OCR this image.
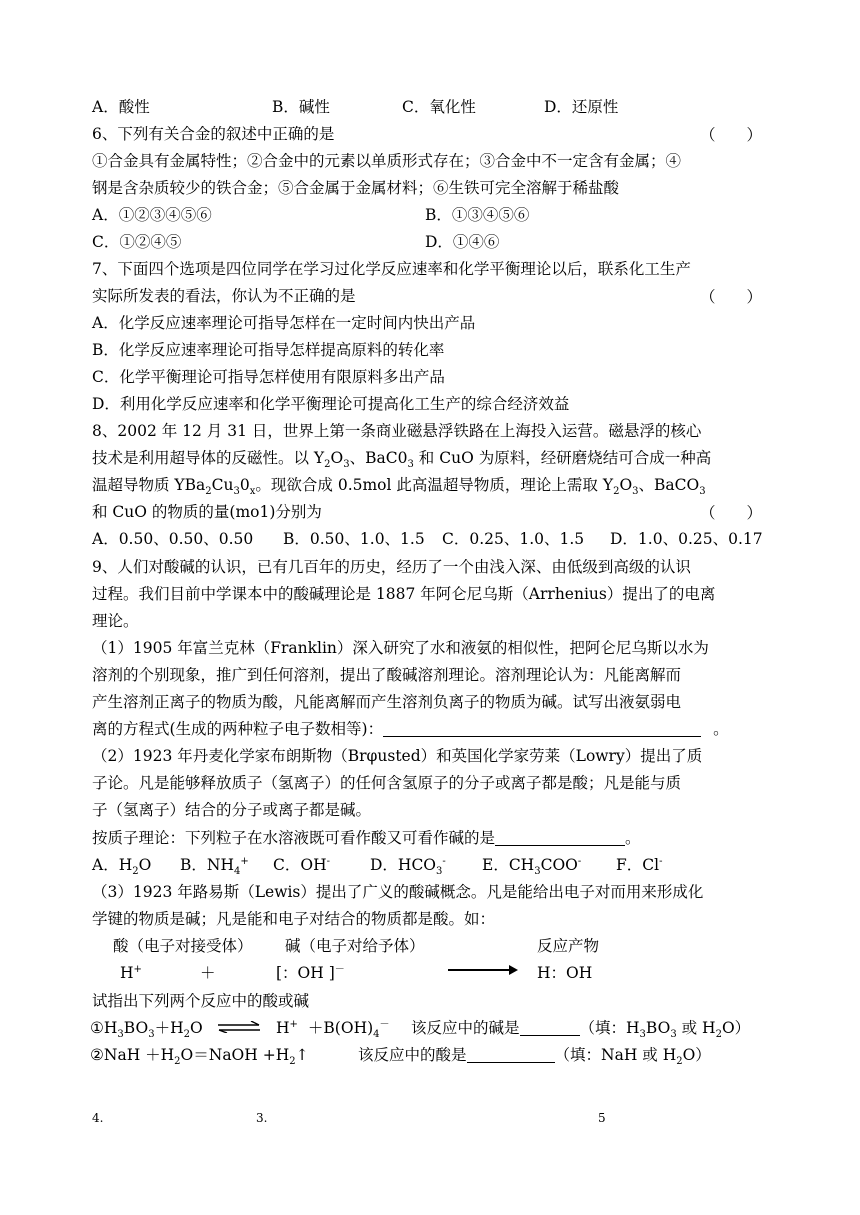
A．酸性	B．碱性	C．氧化性	D．还原性
6、下列有关合金的叙述中正确的是	（　　）
①合金具有金属特性；②合金中的元素以单质形式存在；③合金中不一定含有金属；④
钢是含杂质较少的铁合金；⑤合金属于金属材料；⑥生铁可完全溶解于稀盐酸
A．①②③④⑤⑥	B．①③④⑤⑥
C．①②④⑤	D．①④⑥
7、下面四个选项是四位同学在学习过化学反应速率和化学平衡理论以后，联系化工生产
实际所发表的看法，你认为不正确的是	（　　）
A．化学反应速率理论可指导怎样在一定时间内快出产品
B．化学反应速率理论可指导怎样提高原料的转化率
C．化学平衡理论可指导怎样使用有限原料多出产品
D．利用化学反应速率和化学平衡理论可提高化工生产的综合经济效益
8、2002 年 12 月 31 日，世界上第一条商业磁悬浮铁路在上海投入运营。磁悬浮的核心
技术是利用超导体的反磁性。以 $Y_2O_3$、$BaC0_3$ 和 CuO 为原料，经研磨烧结可合成一种高
温超导物质 $YBa_2Cu_30_x$。现欲合成 0.5mol 此高温超导物质，理论上需取 $Y_2O_3$、BaCO$_3$
和 CuO 的物质的量(mo1)分别为	（　　）
A．0.50、0.50、0.50 B．0.50、1.0、1.5 C．0.25、1.0、1.5 D．1.0、0.25、0.17
9、人们对酸碱的认识，已有几百年的历史，经历了一个由浅入深、由低级到高级的认识
过程。我们目前中学课本中的酸碱理论是 1887 年阿仑尼乌斯（Arrhenius）提出了的电离
理论。
（1）1905 年富兰克林（Franklin）深入研究了水和液氨的相似性，把阿仑尼乌斯以水为
溶剂的个别现象，推广到任何溶剂，提出了酸碱溶剂理论。溶剂理论认为：凡能离解而
产生溶剂正离子的物质为酸，凡能离解而产生溶剂负离子的物质为碱。试写出液氨弱电
离的方程式(生成的两种粒子电子数相等)：	。
（2）1923 年丹麦化学家布朗斯物（Brφusted）和英国化学家劳莱（Lowry）提出了质
子论。凡是能够释放质子（氢离子）的任何含氢原子的分子或离子都是酸；凡是能与质
子（氢离子）结合的分子或离子都是碱。
按质子理论：下列粒子在水溶液既可看作酸又可看作碱的是	。
A．$H_2O$ B．$NH_4^+$ C．OH-	D．$HCO_3^-$ E．$CH_3COO^-$ F．Cl-
（3）1923 年路易斯（Lewis）提出了广义的酸碱概念。凡是能给出电子对而用来形成化
学键的物质是碱；凡是能和电子对结合的物质都是酸。如：
酸（电子对接受体） 碱（电子对给予体）	反应产物
H+	＋	[：OH ]－	H：OH
试指出下列两个反应中的酸或碱
$①H_3BO_3+H_2O$ ⇌ $H^+ +B(OH)_4^-$ 该反应中的碱是	（填：$H_3BO_3$ 或 $H_2O$）
②NaH $+H_2O=NaOH$ $+H_2↑$	该反应中的酸是	（填：NaH 或 $H_2O$）
4.	3.	5
